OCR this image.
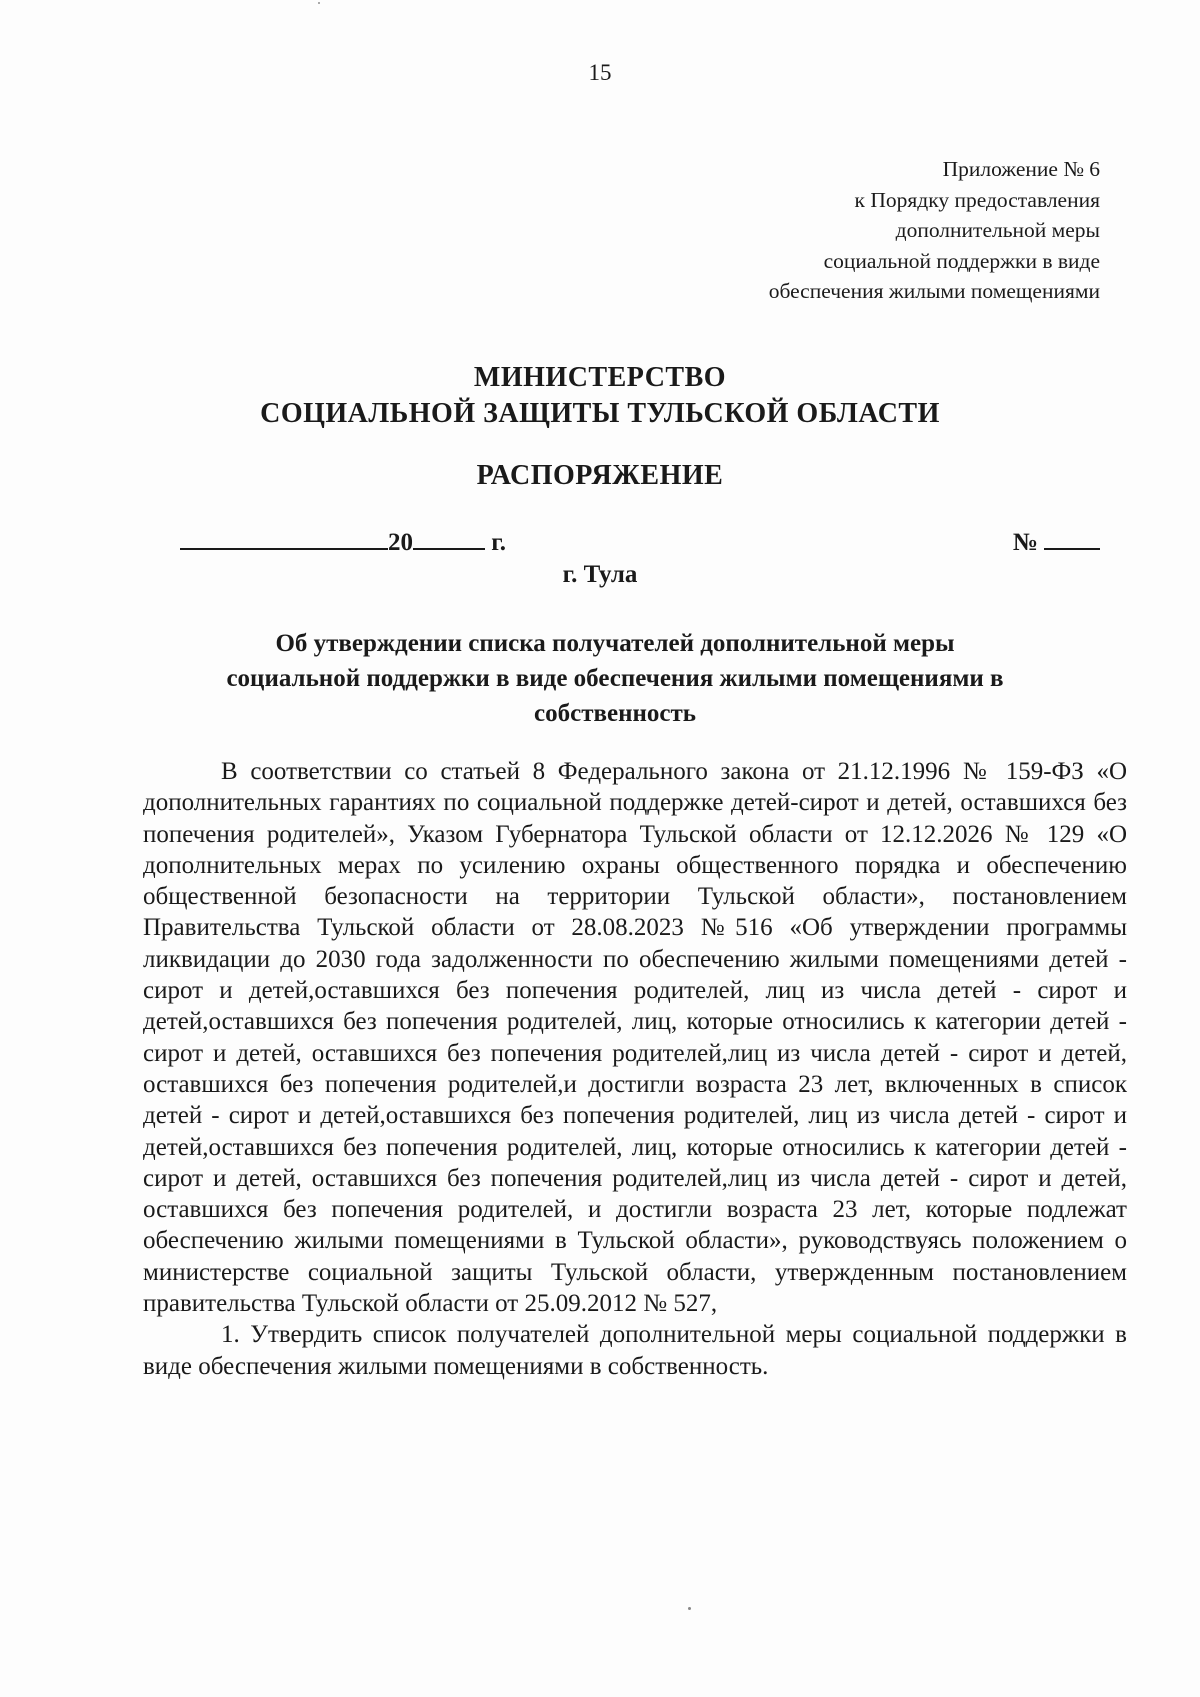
15
Приложение № 6
к Порядку предоставления
дополнительной меры
социальной поддержки в виде
обеспечения жилыми помещениями
МИНИСТЕРСТВО
СОЦИАЛЬНОЙ ЗАЩИТЫ ТУЛЬСКОЙ ОБЛАСТИ
РАСПОРЯЖЕНИЕ
20	г.	№
г. Тула
Об утверждении списка получателей дополнительной меры
социальной поддержки в виде обеспечения жилыми помещениями в
собственность

В соответствии со статьей 8 Федерального закона от 21.12.1996 № 159-ФЗ «О дополнительных гарантиях по социальной поддержке детей-сирот и детей, оставшихся без попечения родителей», Указом Губернатора Тульской области от 12.12.2026 № 129 «О дополнительных мерах по усилению охраны общественного порядка и обеспечению общественной безопасности на территории Тульской области», постановлением Правительства Тульской области от 28.08.2023 №516 «Об утверждении программы ликвидации до 2030 года задолженности по обеспечению жилыми помещениями детей - сирот и детей,оставшихся без попечения родителей, лиц из числа детей - сирот и детей,оставшихся без попечения родителей, лиц, которые относились к категории детей - сирот и детей, оставшихся без попечения родителей,лиц из числа детей - сирот и детей, оставшихся без попечения родителей,и достигли возраста 23 лет, включенных в список детей - сирот и детей,оставшихся без попечения родителей, лиц из числа детей - сирот и детей,оставшихся без попечения родителей, лиц, которые относились к категории детей - сирот и детей, оставшихся без попечения родителей,лиц из числа детей - сирот и детей, оставшихся без попечения родителей, и достигли возраста 23 лет, которые подлежат обеспечению жилыми помещениями в Тульской области», руководствуясь положением о министерстве социальной защиты Тульской области, утвержденным постановлением правительства Тульской области от 25.09.2012 № 527,

1. Утвердить список получателей дополнительной меры социальной поддержки в виде обеспечения жилыми помещениями в собственность.
